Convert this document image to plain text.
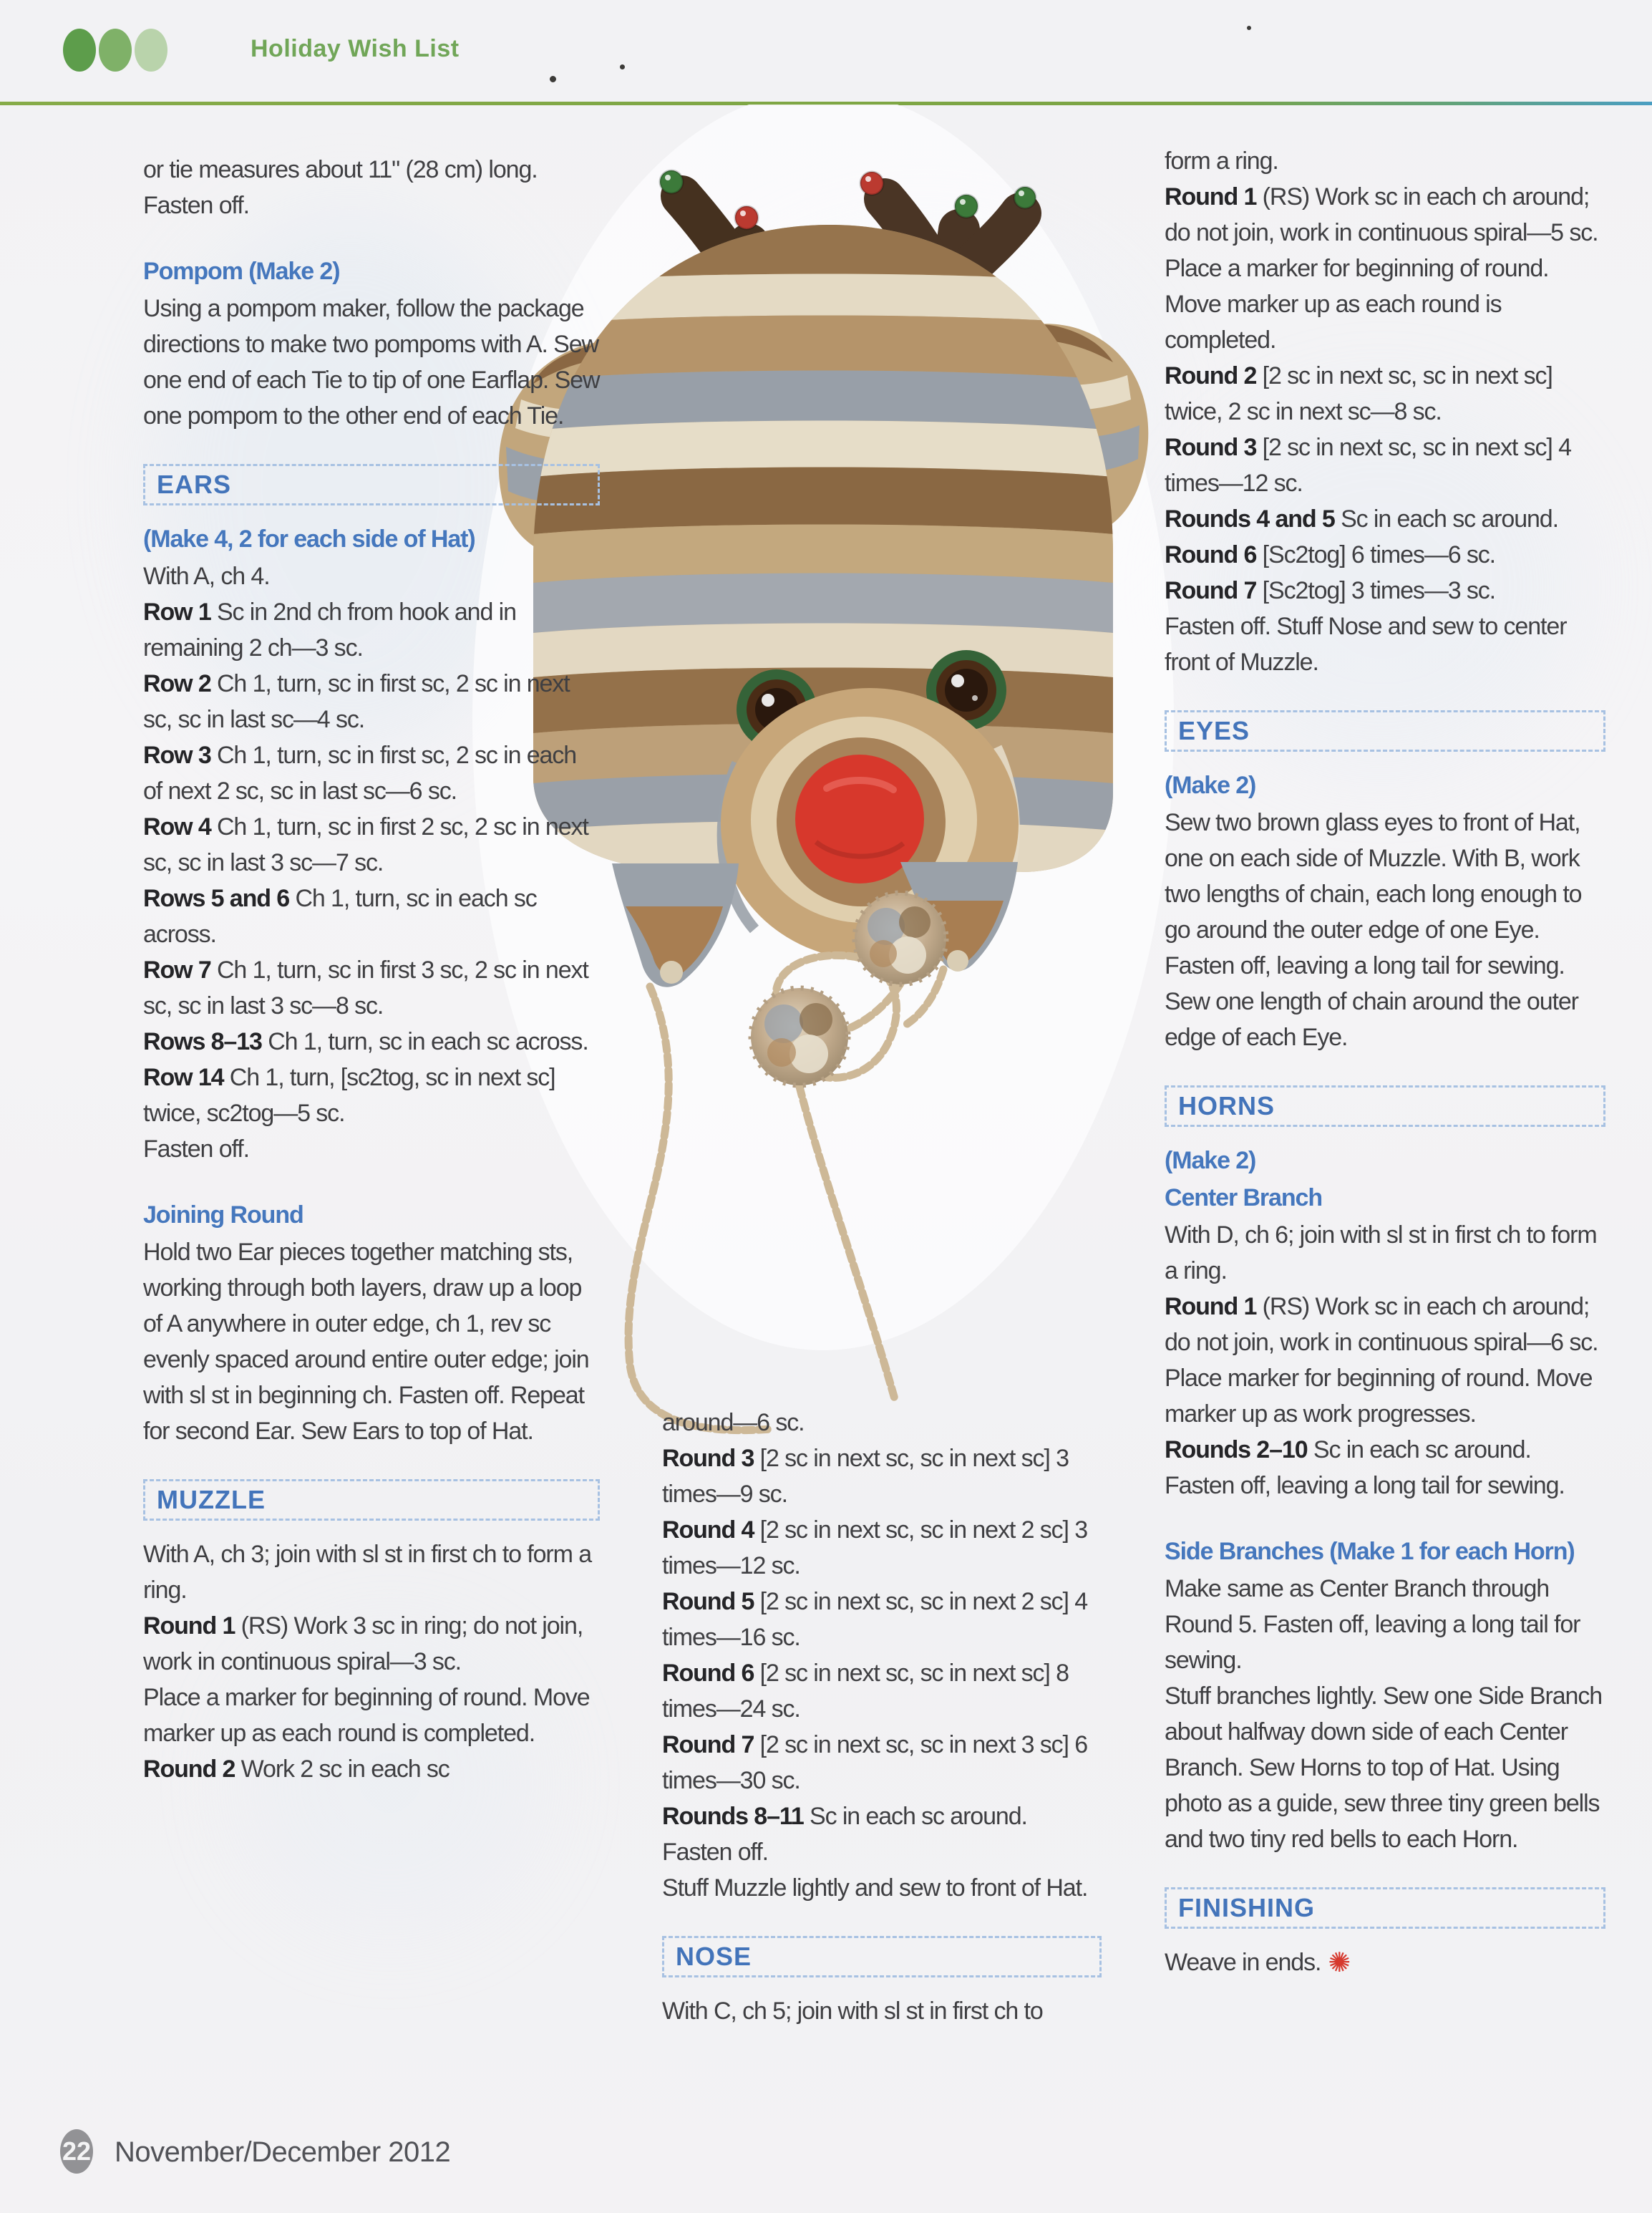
Holiday Wish List

or tie measures about 11" (28 cm) long.

Fasten off.

Pompom (Make 2)

Using a pompom maker, follow the package directions to make two pompoms with A. Sew one end of each Tie to tip of one Earflap. Sew one pompom to the other end of each Tie.

EARS
(Make 4, 2 for each side of Hat)

With A, ch 4.

Row 1 Sc in 2nd ch from hook and in remaining 2 ch—3 sc.

Row 2 Ch 1, turn, sc in first sc, 2 sc in next sc, sc in last sc—4 sc.

Row 3 Ch 1, turn, sc in first sc, 2 sc in each of next 2 sc, sc in last sc—6 sc.

Row 4 Ch 1, turn, sc in first 2 sc, 2 sc in next sc, sc in last 3 sc—7 sc.

Rows 5 and 6 Ch 1, turn, sc in each sc across.

Row 7 Ch 1, turn, sc in first 3 sc, 2 sc in next sc, sc in last 3 sc—8 sc.

Rows 8–13 Ch 1, turn, sc in each sc across.

Row 14 Ch 1, turn, [sc2tog, sc in next sc] twice, sc2tog—5 sc.

Fasten off.

Joining Round

Hold two Ear pieces together matching sts, working through both layers, draw up a loop of A anywhere in outer edge, ch 1, rev sc evenly spaced around entire outer edge; join with sl st in beginning ch. Fasten off. Repeat for second Ear. Sew Ears to top of Hat.

MUZZLE

With A, ch 3; join with sl st in first ch to form a ring.

Round 1 (RS) Work 3 sc in ring; do not join, work in continuous spiral—3 sc.

Place a marker for beginning of round. Move marker up as each round is completed.

Round 2 Work 2 sc in each sc

around—6 sc.

Round 3 [2 sc in next sc, sc in next sc] 3 times—9 sc.

Round 4 [2 sc in next sc, sc in next 2 sc] 3 times—12 sc.

Round 5 [2 sc in next sc, sc in next 2 sc] 4 times—16 sc.

Round 6 [2 sc in next sc, sc in next sc] 8 times—24 sc.

Round 7 [2 sc in next sc, sc in next 3 sc] 6 times—30 sc.

Rounds 8–11 Sc in each sc around.

Fasten off.

Stuff Muzzle lightly and sew to front of Hat.

NOSE

With C, ch 5; join with sl st in first ch to

form a ring.

Round 1 (RS) Work sc in each ch around; do not join, work in continuous spiral—5 sc.

Place a marker for beginning of round. Move marker up as each round is completed.

Round 2 [2 sc in next sc, sc in next sc] twice, 2 sc in next sc—8 sc.

Round 3 [2 sc in next sc, sc in next sc] 4 times—12 sc.

Rounds 4 and 5 Sc in each sc around.

Round 6 [Sc2tog] 6 times—6 sc.

Round 7 [Sc2tog] 3 times—3 sc.

Fasten off. Stuff Nose and sew to center front of Muzzle.

EYES
(Make 2)

Sew two brown glass eyes to front of Hat, one on each side of Muzzle. With B, work two lengths of chain, each long enough to go around the outer edge of one Eye. Fasten off, leaving a long tail for sewing. Sew one length of chain around the outer edge of each Eye.

HORNS
(Make 2)
Center Branch

With D, ch 6; join with sl st in first ch to form a ring.

Round 1 (RS) Work sc in each ch around; do not join, work in continuous spiral—6 sc. Place marker for beginning of round. Move marker up as work progresses.

Rounds 2–10 Sc in each sc around.

Fasten off, leaving a long tail for sewing.

Side Branches (Make 1 for each Horn)

Make same as Center Branch through Round 5. Fasten off, leaving a long tail for sewing.

Stuff branches lightly. Sew one Side Branch about halfway down side of each Center Branch. Sew Horns to top of Hat. Using photo as a guide, sew three tiny green bells and two tiny red bells to each Horn.

FINISHING

Weave in ends. ✺

22 November/December 2012
